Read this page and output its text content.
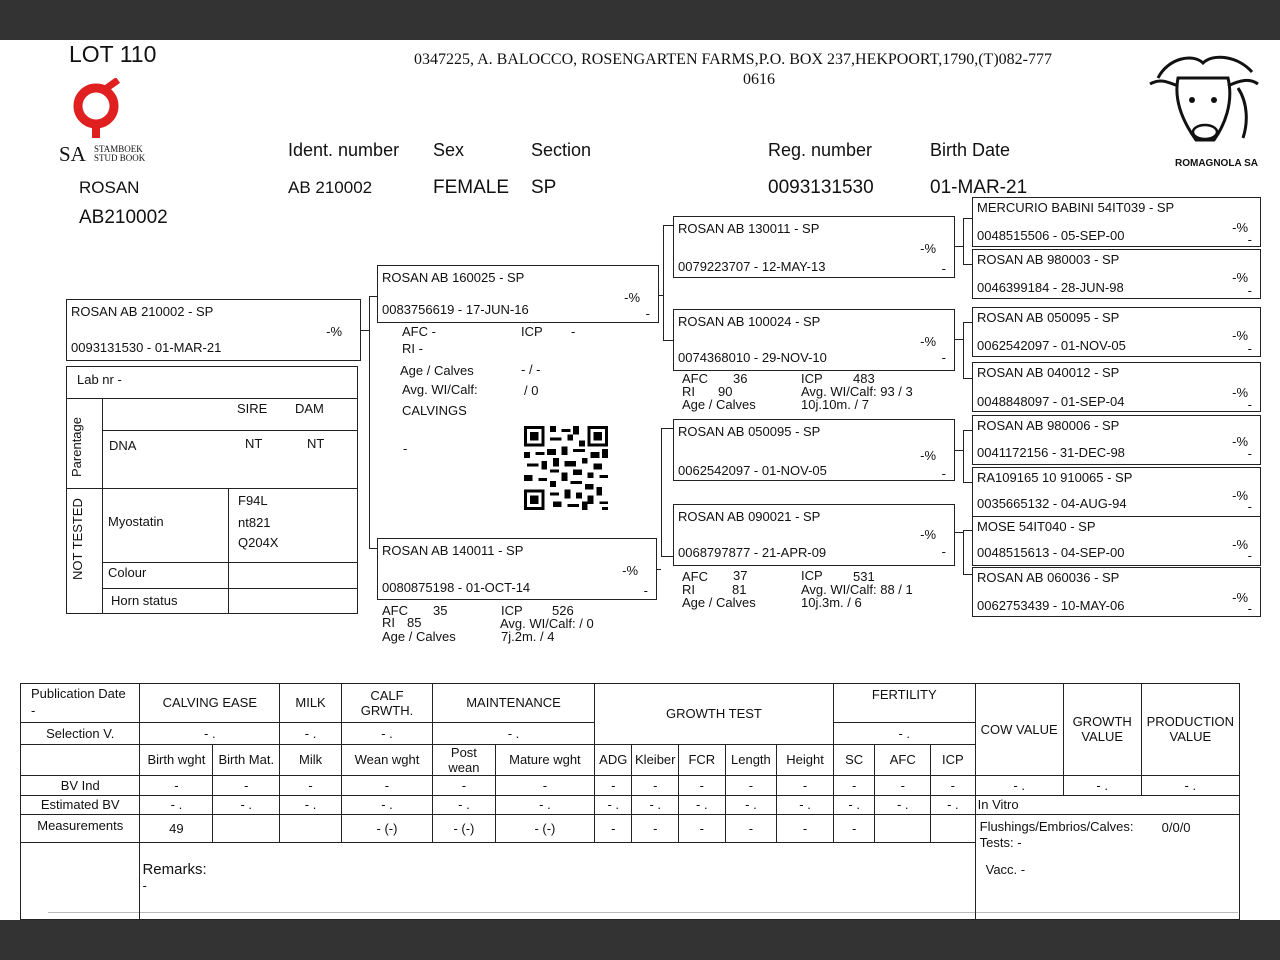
LOT 110
SA STAMBOEK
STUD BOOK
0347225, A. BALOCCO, ROSENGARTEN FARMS,P.O. BOX 237,HEKPOORT,1790,(T)082-777
0616
ROMAGNOLA SA
Ident. number Sex	Section	Reg. number	Birth Date
ROSAN
AB210002
AB 210002	FEMALE SP	0093131530	01-MAR-21
ROSAN AB 210002 - SP
-%
0093131530 - 01-MAR-21
Lab nr -
Parentage
NOT TESTED
SIRE DAM
DNA	NT	NT
Myostatin
F94L
nt821
Q204X
Colour
Horn status
ROSAN AB 160025 - SP
-%
0083756619 - 17-JUN-16	-
AFC -	ICP -
RI -
Age / Calves	- / -
Avg. WI/Calf:	/ 0
CALVINGS
-
ROSAN AB 140011 - SP
-%
0080875198 - 01-OCT-14	-
AFC 35	ICP 526
RI 85	Avg. WI/Calf: / 0
Age / Calves	7j.2m. / 4
ROSAN AB 130011 - SP
-%
0079223707 - 12-MAY-13	-
ROSAN AB 100024 - SP
-%
0074368010 - 29-NOV-10	-
AFC 36	ICP 483
RI 90	Avg. WI/Calf: 93 / 3
Age / Calves	10j.10m. / 7
ROSAN AB 050095 - SP
-%
0062542097 - 01-NOV-05	-
ROSAN AB 090021 - SP
-%
0068797877 - 21-APR-09	-
AFC 37	ICP 531
RI	81	Avg. WI/Calf: 88 / 1
Age / Calves	10j.3m. / 6
MERCURIO BABINI 54IT039 - SP
-%
0048515506 - 05-SEP-00	-
ROSAN AB 980003 - SP
-%
0046399184 - 28-JUN-98	-
ROSAN AB 050095 - SP
-%
0062542097 - 01-NOV-05	-
ROSAN AB 040012 - SP
-%
0048848097 - 01-SEP-04	-
ROSAN AB 980006 - SP
-%
0041172156 - 31-DEC-98	-
RA109165 10 910065 - SP
-%
0035665132 - 04-AUG-94	-
MOSE 54IT040 - SP
-%
0048515613 - 04-SEP-00	-
ROSAN AB 060036 - SP
-%
0062753439 - 10-MAY-06	-
Publication Date
-	CALVING EASE		MILK	CALF GRWTH.	MAINTENANCE		GROWTH TEST					FERTILITY			COW VALUE	GROWTH VALUE	PRODUCTION VALUE
Selection V.	- .		- .	- .	- .							- .					
	Birth wght	Birth Mat.	Milk	Wean wght	Post wean	Mature wght	ADG	Kleiber	FCR	Length	Height	SC	AFC	ICP			
BV Ind	-	-	-	-	-	-	-	-	-	-	-	-	-	-	- .	- .	- .
Estimated BV	- .	- .	- .	- .	- .	- .	- .	- .	- .	- .	- .	- .	- .	- .	In Vitro		
Measurements	49			- (-)	- (-)	- (-)	-	-	-	-	-	-			Flushings/Embrios/Calves: 0/0/0
Tests: -
Vacc. -		

	Remarks:
-																
